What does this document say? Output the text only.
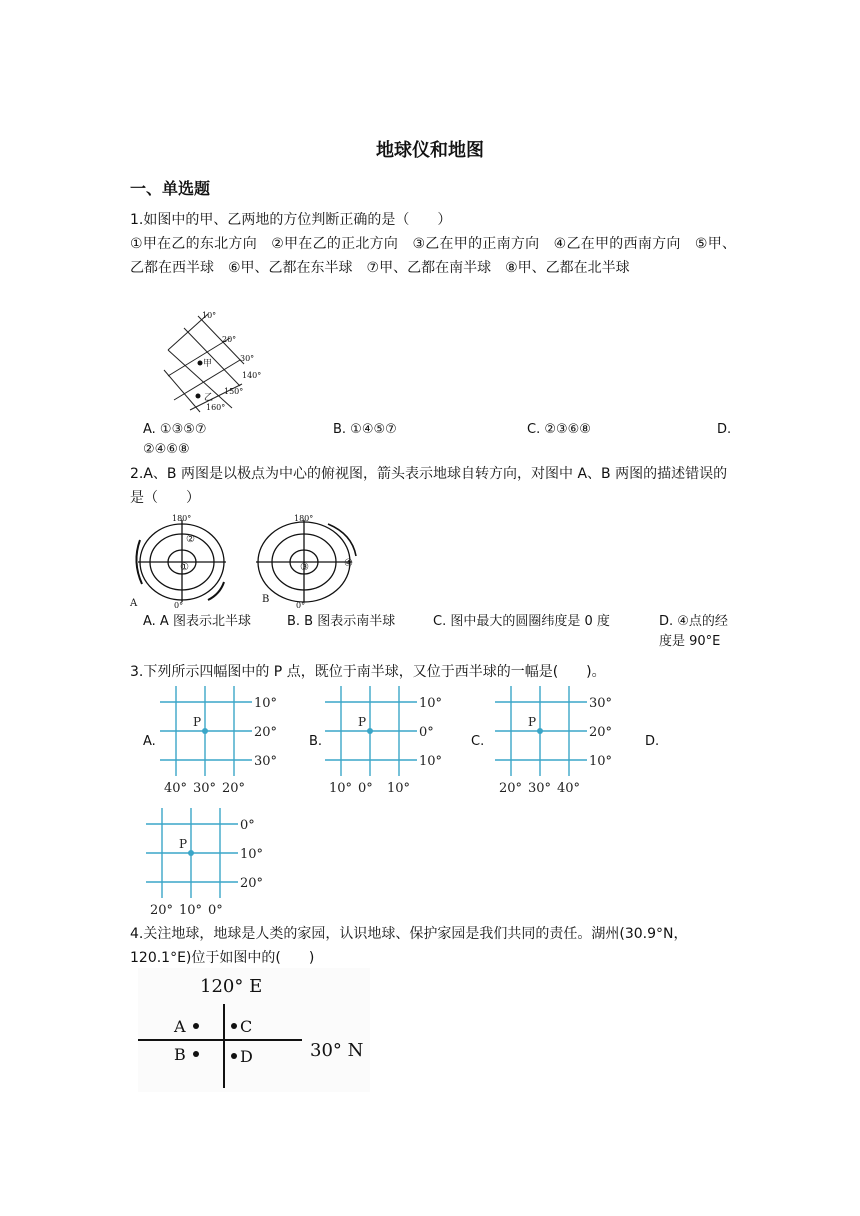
地球仪和地图
一、单选题
1.如图中的甲、乙两地的方位判断正确的是（　　）
①甲在乙的东北方向　②甲在乙的正北方向　③乙在甲的正南方向　④乙在甲的西南方向　⑤甲、乙都在西半球　⑥甲、乙都在东半球　⑦甲、乙都在南半球　⑧甲、乙都在北半球
10°
20°
30°
140°
150°
160°
甲
乙
A. ①③⑤⑦	B. ①④⑤⑦	C. ②③⑥⑧	D.
②④⑥⑧
2.A、B 两图是以极点为中心的俯视图，箭头表示地球自转方向，对图中 A、B 两图的描述错误的是（　　）
180°
0°
②
①
A
180°
0°
③	④
B
A. A 图表示北半球	B. B 图表示南半球	C. 图中最大的圆圈纬度是 0 度	D. ④点的经度是 90°E
3.下列所示四幅图中的 P 点，既位于南半球，又位于西半球的一幅是(　　)。
A.	B.	C.	D.
10°
20°
30°
40° 30° 20°
P
10°
0°
10°
10° 0° 10°
P
30°
20°
10°
20° 30° 40°
P
0°
10°
20°
20° 10° 0°
P
4.关注地球，地球是人类的家园，认识地球、保护家园是我们共同的责任。湖州(30.9°N，120.1°E)位于如图中的(　　)
120° E
30° N
A	C
B	D
